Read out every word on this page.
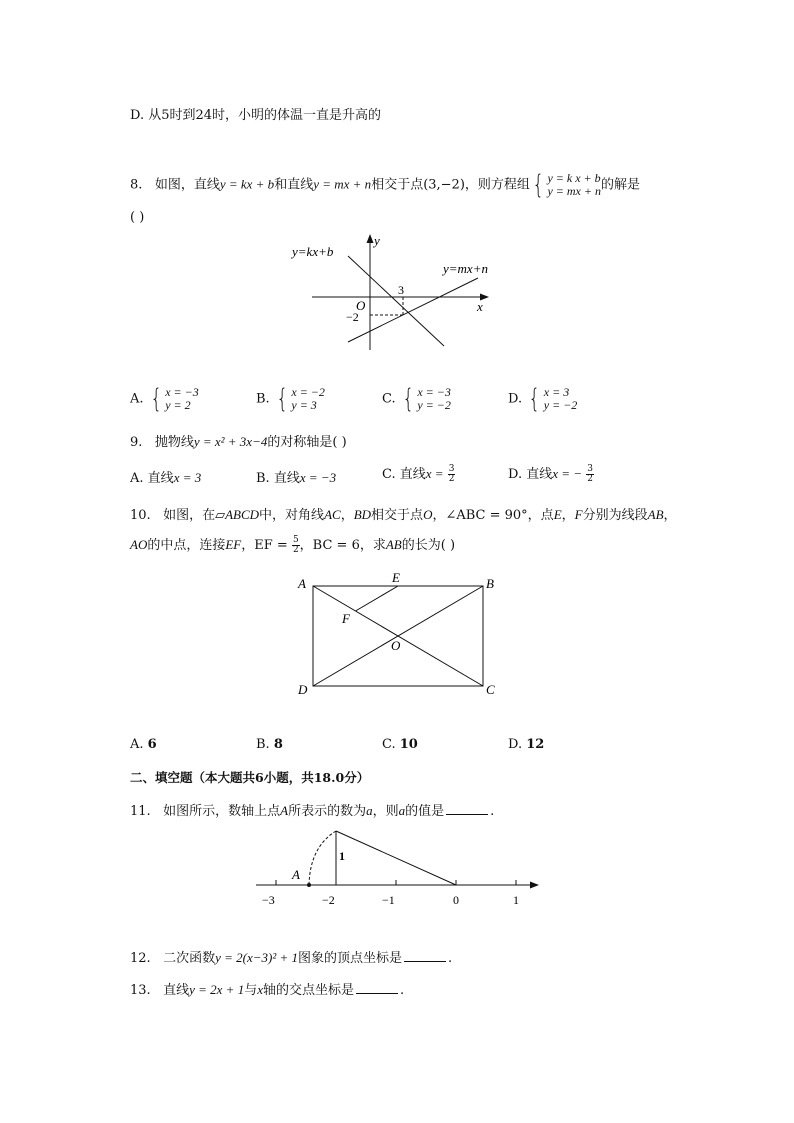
D. 从5时到24时，小明的体温一直是升高的
8. 如图，直线y = kx + b和直线y = mx + n相交于点(3,−2)，则方程组{ y = k x + b
y = mx + n 的解是
( )
y=kx+b
y=mx+n
y
x
O
3
−2
A. { x = −3
y = 2	B. { x = −2
y = 3	C. { x = −3
y = −2	D. { x = 3
y = −2
9. 抛物线y = x² + 3x−4的对称轴是( )
A. 直线x = 3	B. 直线x = −3	C. 直线$x = \frac{3}{2}$	D. 直线x = − $\frac{3}{2}$
10. 如图，在▱ABCD中，对角线AC，BD相交于点O，∠ABC = 90°，点E，F分别为线段AB，
AO的中点，连接EF，EF = $\frac{5}{2}$ ，BC = 6，求AB的长为( )
A	B
C
D
E
F
O
A. 6	B. 8	C. 10	D. 12
二、填空题（本大题共6小题，共18.0分）
11. 如图所示，数轴上点A所表示的数为a，则a的值是	.
A
1
−3	−2	−1	0	1
12. 二次函数y = 2(x−3)² + 1图象的顶点坐标是	.
13. 直线y = 2x + 1与x轴的交点坐标是	.
